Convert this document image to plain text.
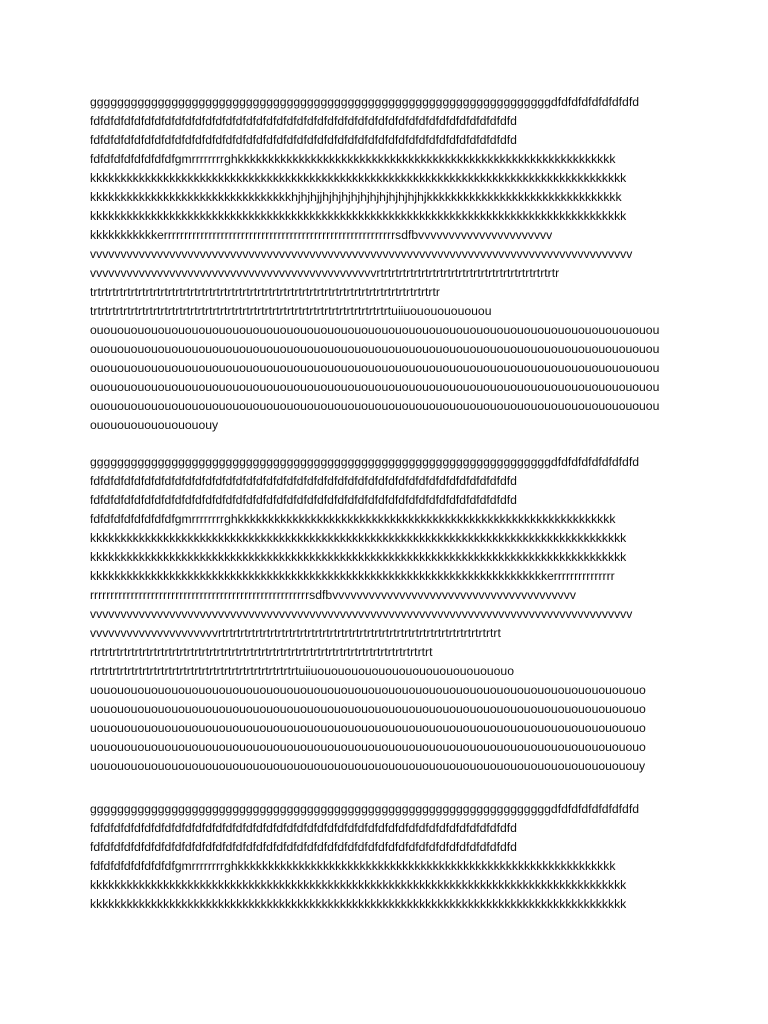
ggggggggggggggggggggggggggggggggggggggggggggggggggggggggggggggggggggdfdfdfdfdfdfdfdfd
fdfdfdfdfdfdfdfdfdfdfdfdfdfdfdfdfdfdfdfdfdfdfdfdfdfdfdfdfdfdfdfdfdfdfdfdfdfdfdfdfdfd
fdfdfdfdfdfdfdfdfdfdfdfdfdfdfdfdfdfdfdfdfdfdfdfdfdfdfdfdfdfdfdfdfdfdfdfdfdfdfdfdfdfd
fdfdfdfdfdfdfdfdfgmrrrrrrrrghkkkkkkkkkkkkkkkkkkkkkkkkkkkkkkkkkkkkkkkkkkkkkkkkkkkkkkkkkkkkkk
kkkkkkkkkkkkkkkkkkkkkkkkkkkkkkkkkkkkkkkkkkkkkkkkkkkkkkkkkkkkkkkkkkkkkkkkkkkkkkkkkkkkkkkk
kkkkkkkkkkkkkkkkkkkkkkkkkkkkkkkkkhjhjhjjhjhjhjhjhjhjhjhjhjhjhjkkkkkkkkkkkkkkkkkkkkkkkkkkkkkkkk
kkkkkkkkkkkkkkkkkkkkkkkkkkkkkkkkkkkkkkkkkkkkkkkkkkkkkkkkkkkkkkkkkkkkkkkkkkkkkkkkkkkkkkkk
kkkkkkkkkkkerrrrrrrrrrrrrrrrrrrrrrrrrrrrrrrrrrrrrrrrrrrrrrrrrrrrrrrrrsdfbvvvvvvvvvvvvvvvvvvvvvv
vvvvvvvvvvvvvvvvvvvvvvvvvvvvvvvvvvvvvvvvvvvvvvvvvvvvvvvvvvvvvvvvvvvvvvvvvvvvvvvvvvvvvvvvv
vvvvvvvvvvvvvvvvvvvvvvvvvvvvvvvvvvvvvvvvvvvvvvvrtrtrtrtrtrtrtrtrtrtrtrtrtrtrtrtrtrtrtrtrtrtrtrtr
trtrtrtrtrtrtrtrtrtrtrtrtrtrtrtrtrtrtrtrtrtrtrtrtrtrtrtrtrtrtrtrtrtrtrtrtrtrtrtrtrtrtrtrtrtrtr
trtrtrtrtrtrtrtrtrtrtrtrtrtrtrtrtrtrtrtrtrtrtrtrtrtrtrtrtrtrtrtrtrtrtrtrtrtrtrtrtuiiuouououououou
ouououououououououououououououououououououououououououououououououououououououououou
ouououououououououououououououououououououououououououououououououououououououououou
ouououououououououououououououououououououououououououououououououououououououououou
ouououououououououououououououououououououououououououououououououououououououououou
ouououououououououououououououououououououououououououououououououououououououououou
ouououououououououy
ggggggggggggggggggggggggggggggggggggggggggggggggggggggggggggggggggggdfdfdfdfdfdfdfdfd
fdfdfdfdfdfdfdfdfdfdfdfdfdfdfdfdfdfdfdfdfdfdfdfdfdfdfdfdfdfdfdfdfdfdfdfdfdfdfdfdfdfd
fdfdfdfdfdfdfdfdfdfdfdfdfdfdfdfdfdfdfdfdfdfdfdfdfdfdfdfdfdfdfdfdfdfdfdfdfdfdfdfdfdfd
fdfdfdfdfdfdfdfdfgmrrrrrrrrghkkkkkkkkkkkkkkkkkkkkkkkkkkkkkkkkkkkkkkkkkkkkkkkkkkkkkkkkkkkkkk
kkkkkkkkkkkkkkkkkkkkkkkkkkkkkkkkkkkkkkkkkkkkkkkkkkkkkkkkkkkkkkkkkkkkkkkkkkkkkkkkkkkkkkkk
kkkkkkkkkkkkkkkkkkkkkkkkkkkkkkkkkkkkkkkkkkkkkkkkkkkkkkkkkkkkkkkkkkkkkkkkkkkkkkkkkkkkkkkk
kkkkkkkkkkkkkkkkkkkkkkkkkkkkkkkkkkkkkkkkkkkkkkkkkkkkkkkkkkkkkkkkkkkkkkkkkkkerrrrrrrrrrrrrrr
rrrrrrrrrrrrrrrrrrrrrrrrrrrrrrrrrrrrrrrrrrrrrrrrrrrrrrsdfbvvvvvvvvvvvvvvvvvvvvvvvvvvvvvvvvvvvvvvvv
vvvvvvvvvvvvvvvvvvvvvvvvvvvvvvvvvvvvvvvvvvvvvvvvvvvvvvvvvvvvvvvvvvvvvvvvvvvvvvvvvvvvvvvvv
vvvvvvvvvvvvvvvvvvvvvrtrtrtrtrtrtrtrtrtrtrtrtrtrtrtrtrtrtrtrtrtrtrtrtrtrtrtrtrtrtrtrtrtrtrtrtrtrt
rtrtrtrtrtrtrtrtrtrtrtrtrtrtrtrtrtrtrtrtrtrtrtrtrtrtrtrtrtrtrtrtrtrtrtrtrtrtrtrtrtrtrtrtrtrt
rtrtrtrtrtrtrtrtrtrtrtrtrtrtrtrtrtrtrtrtrtrtrtrtrtrtrtrtuiiuououououououououououououououo
uououououououououououououououououououououououououououououououououououououououououo
uououououououououououououououououououououououououououououououououououououououououo
uououououououououououououououououououououououououououououououououououououououououo
uououououououououououououououououououououououououououououououououououououououououo
uououououououououououououououououououououououououououououououououououououououououy
ggggggggggggggggggggggggggggggggggggggggggggggggggggggggggggggggggggdfdfdfdfdfdfdfdfd
fdfdfdfdfdfdfdfdfdfdfdfdfdfdfdfdfdfdfdfdfdfdfdfdfdfdfdfdfdfdfdfdfdfdfdfdfdfdfdfdfdfd
fdfdfdfdfdfdfdfdfdfdfdfdfdfdfdfdfdfdfdfdfdfdfdfdfdfdfdfdfdfdfdfdfdfdfdfdfdfdfdfdfdfd
fdfdfdfdfdfdfdfdfgmrrrrrrrrghkkkkkkkkkkkkkkkkkkkkkkkkkkkkkkkkkkkkkkkkkkkkkkkkkkkkkkkkkkkkkk
kkkkkkkkkkkkkkkkkkkkkkkkkkkkkkkkkkkkkkkkkkkkkkkkkkkkkkkkkkkkkkkkkkkkkkkkkkkkkkkkkkkkkkkk
kkkkkkkkkkkkkkkkkkkkkkkkkkkkkkkkkkkkkkkkkkkkkkkkkkkkkkkkkkkkkkkkkkkkkkkkkkkkkkkkkkkkkkkk
